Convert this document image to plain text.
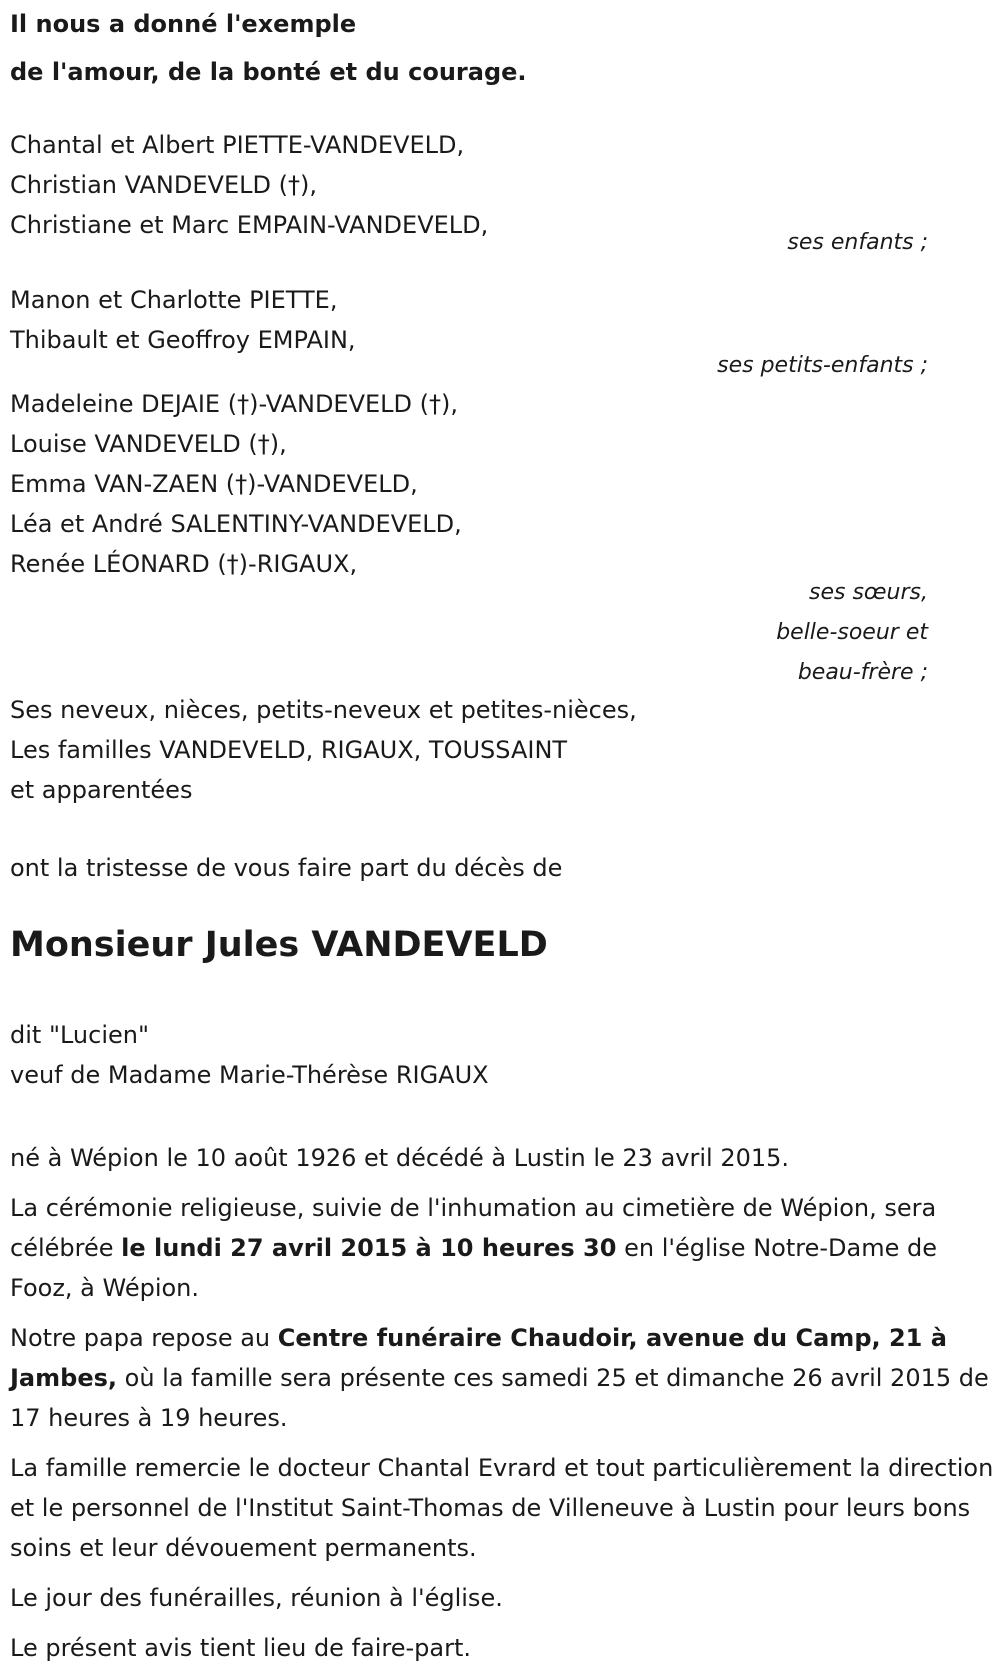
Il nous a donné l'exemple
de l'amour, de la bonté et du courage.
Chantal et Albert PIETTE-VANDEVELD,
Christian VANDEVELD (†),
Christiane et Marc EMPAIN-VANDEVELD,
ses enfants ;
Manon et Charlotte PIETTE,
Thibault et Geoffroy EMPAIN,
ses petits-enfants ;
Madeleine DEJAIE (†)-VANDEVELD (†),
Louise VANDEVELD (†),
Emma VAN-ZAEN (†)-VANDEVELD,
Léa et André SALENTINY-VANDEVELD,
Renée LÉONARD (†)-RIGAUX,
ses sœurs,
belle-soeur et
beau-frère ;
Ses neveux, nièces, petits-neveux et petites-nièces,
Les familles VANDEVELD, RIGAUX, TOUSSAINT
et apparentées
ont la tristesse de vous faire part du décès de
Monsieur Jules VANDEVELD
dit "Lucien"
veuf de Madame Marie-Thérèse RIGAUX
né à Wépion le 10 août 1926 et décédé à Lustin le 23 avril 2015.
La cérémonie religieuse, suivie de l'inhumation au cimetière de Wépion, sera célébrée le lundi 27 avril 2015 à 10 heures 30 en l'église Notre-Dame de Fooz, à Wépion.
Notre papa repose au Centre funéraire Chaudoir, avenue du Camp, 21 à Jambes, où la famille sera présente ces samedi 25 et dimanche 26 avril 2015 de 17 heures à 19 heures.
La famille remercie le docteur Chantal Evrard et tout particulièrement la direction et le personnel de l'Institut Saint-Thomas de Villeneuve à Lustin pour leurs bons soins et leur dévouement permanents.
Le jour des funérailles, réunion à l'église.
Le présent avis tient lieu de faire-part.
